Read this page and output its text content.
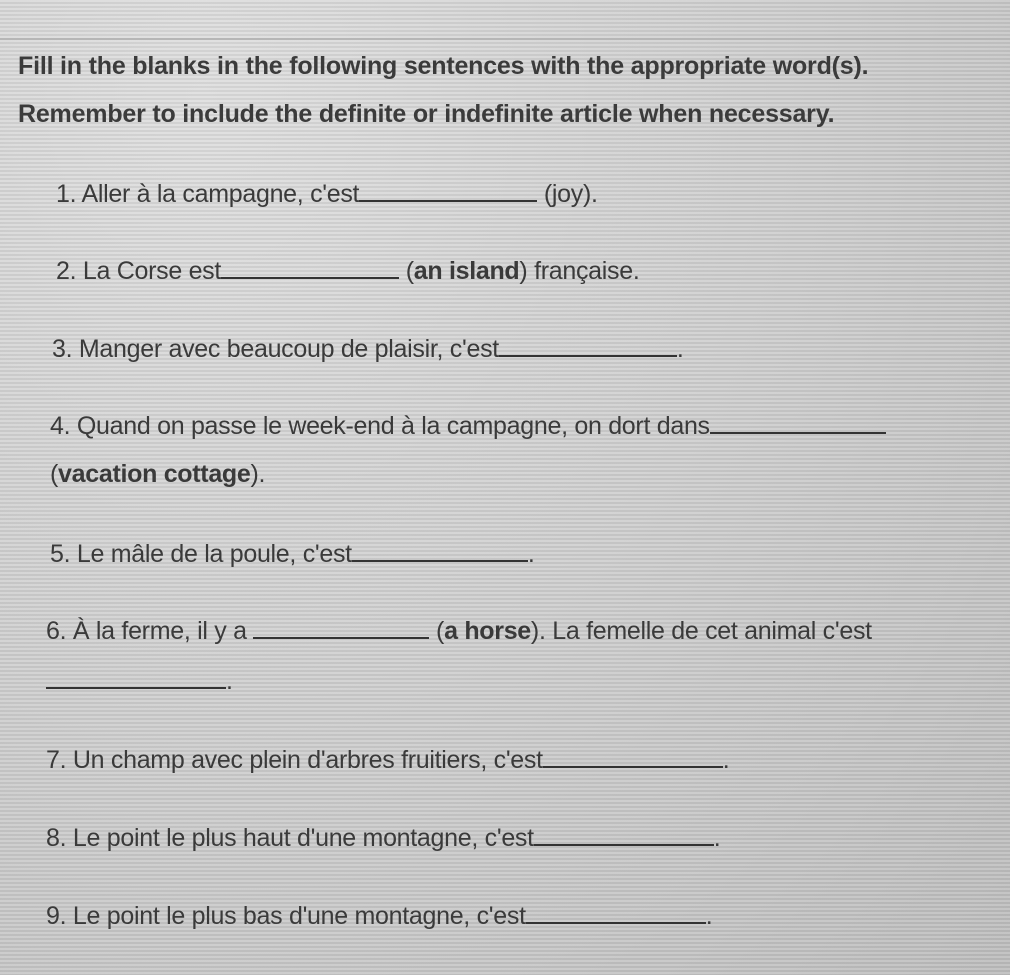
Fill in the blanks in the following sentences with the appropriate word(s).
Remember to include the definite or indefinite article when necessary.
1. Aller à la campagne, c'est	(joy).
2. La Corse est	(an island) française.
3. Manger avec beaucoup de plaisir, c'est	.
4. Quand on passe le week-end à la campagne, on dort dans
(vacation cottage).
5. Le mâle de la poule, c'est	.
6. À la ferme, il y a	(a horse). La femelle de cet animal c'est
.
7. Un champ avec plein d'arbres fruitiers, c'est	.
8. Le point le plus haut d'une montagne, c'est	.
9. Le point le plus bas d'une montagne, c'est	.
